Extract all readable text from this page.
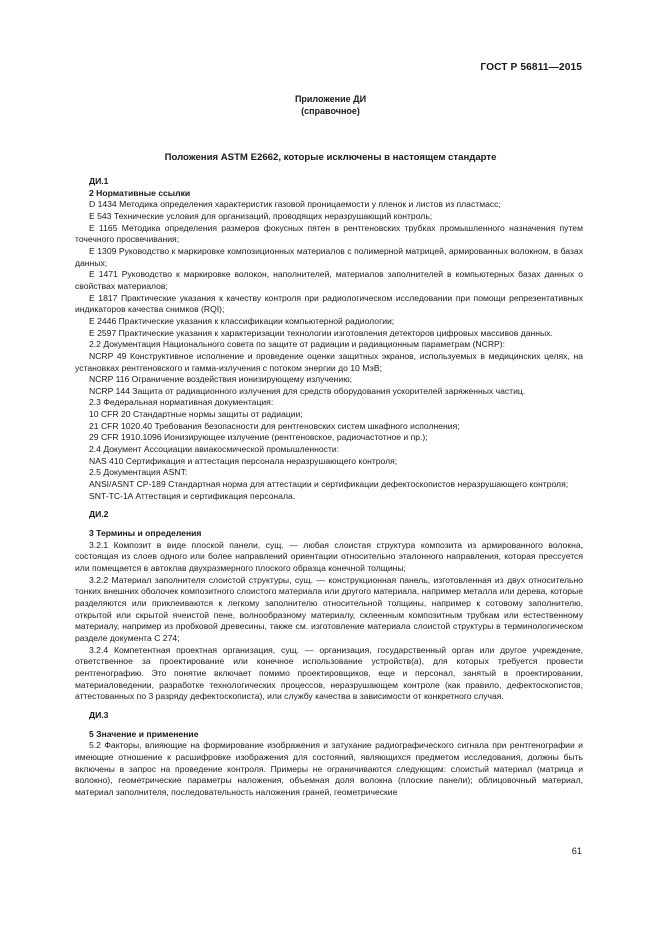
ГОСТ Р 56811—2015
Приложение ДИ
(справочное)
Положения ASTM E2662, которые исключены в настоящем стандарте

ДИ.1

2 Нормативные ссылки

D 1434 Методика определения характеристик газовой проницаемости у пленок и листов из пластмасс;

E 543 Технические условия для организаций, проводящих неразрушающий контроль;

E 1165 Методика определения размеров фокусных пятен в рентгеновских трубках промышленного назначения путем точечного просвечивания;

E 1309 Руководство к маркировке композиционных материалов с полимерной матрицей, армированных волокном, в базах данных;

E 1471 Руководство к маркировке волокон, наполнителей, материалов заполнителей в компьютерных базах данных о свойствах материалов;

E 1817 Практические указания к качеству контроля при радиологическом исследовании при помощи репрезентативных индикаторов качества снимков (RQI);

E 2446 Практические указания к классификации компьютерной радиологии;

E 2597 Практические указания к характеризации технологии изготовления детекторов цифровых массивов данных.

2.2 Документация Национального совета по защите от радиации и радиационным параметрам (NCRP):

NCRP 49 Конструктивное исполнение и проведение оценки защитных экранов, используемых в медицинских целях, на установках рентгеновского и гамма-излучения с потоком энергии до 10 МэВ;

NCRP 116 Ограничение воздействия ионизирующему излучению;

NCRP 144 Защита от радиационного излучения для средств оборудования ускорителей заряженных частиц.

2.3 Федеральная нормативная документация:

10 CFR 20 Стандартные нормы защиты от радиации;

21 CFR 1020.40 Требования безопасности для рентгеновских систем шкафного исполнения;

29 CFR 1910.1096 Ионизирующее излучение (рентгеновское, радиочастотное и пр.);

2.4 Документ Ассоциации авиакосмической промышленности:

NAS 410 Сертификация и аттестация персонала неразрушающего контроля;

2.5 Документация ASNT:

ANSI/ASNT CP-189 Стандартная норма для аттестации и сертификации дефектоскопистов неразрушающего контроля;

SNT-TC-1A Аттестация и сертификация персонала.

ДИ.2

3 Термины и определения

3.2.1 Композит в виде плоской панели, сущ. — любая слоистая структура композита из армированного волокна, состоящая из слоев одного или более направлений ориентации относительно эталонного направления, которая прессуется или помещается в автоклав двухразмерного плоского образца конечной толщины;

3.2.2 Материал заполнителя слоистой структуры, сущ. — конструкционная панель, изготовленная из двух относительно тонких внешних оболочек композитного слоистого материала или другого материала, например металла или дерева, которые разделяются или приклеиваются к легкому заполнителю относительной толщины, например к сотовому заполнителю, открытой или скрытой ячеистой пене, волнообразному материалу, склеенным композитным трубкам или естественному материалу, например из пробковой древесины, также см. изготовление материала слоистой структуры в терминологическом разделе документа С 274;

3.2.4 Компетентная проектная организация, сущ. — организация, государственный орган или другое учреждение, ответственное за проектирование или конечное использование устройств(а), для которых требуется провести рентгенографию. Это понятие включает помимо проектировщиков, еще и персонал, занятый в проектировании, материаловедении, разработке технологических процессов, неразрушающем контроле (как правило, дефектоскопистов, аттестованных по 3 разряду дефектоскописта), или службу качества в зависимости от конкретного случая.

ДИ.3

5 Значение и применение

5.2 Факторы, влияющие на формирование изображения и затухание радиографического сигнала при рентгенографии и имеющие отношение к расшифровке изображения для состояний, являющихся предметом исследования, должны быть включены в запрос на проведение контроля. Примеры не ограничиваются следующим: слоистый материал (матрица и волокно), геометрические параметры наложения, объемная доля волокна (плоские панели); облицовочный материал, материал заполнителя, последовательность наложения граней, геометрические

61
